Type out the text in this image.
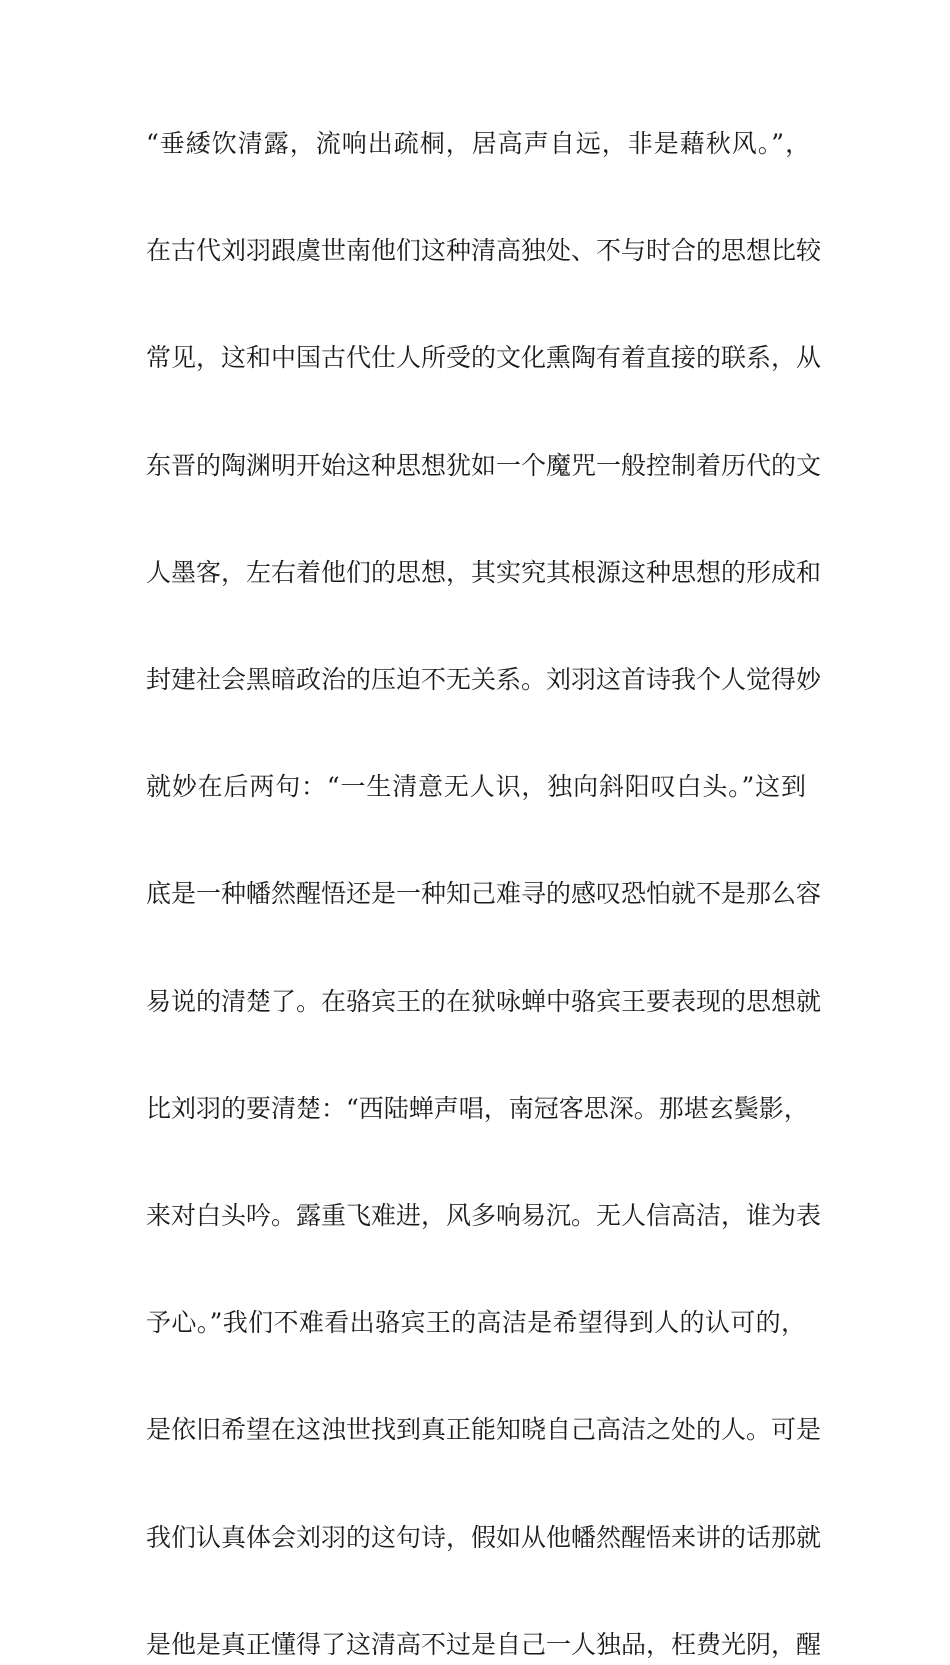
“垂緌饮清露，流响出疏桐，居高声自远，非是藉秋风。”，
在古代刘羽跟虞世南他们这种清高独处、不与时合的思想比较
常见，这和中国古代仕人所受的文化熏陶有着直接的联系，从
东晋的陶渊明开始这种思想犹如一个魔咒一般控制着历代的文
人墨客，左右着他们的思想，其实究其根源这种思想的形成和
封建社会黑暗政治的压迫不无关系。刘羽这首诗我个人觉得妙
就妙在后两句：“一生清意无人识，独向斜阳叹白头。”这到
底是一种幡然醒悟还是一种知己难寻的感叹恐怕就不是那么容
易说的清楚了。在骆宾王的在狱咏蝉中骆宾王要表现的思想就
比刘羽的要清楚：“西陆蝉声唱，南冠客思深。那堪玄鬓影，
来对白头吟。露重飞难进，风多响易沉。无人信高洁，谁为表
予心。”我们不难看出骆宾王的高洁是希望得到人的认可的，
是依旧希望在这浊世找到真正能知晓自己高洁之处的人。可是
我们认真体会刘羽的这句诗，假如从他幡然醒悟来讲的话那就
是他是真正懂得了这清高不过是自己一人独品，枉费光阴，醒
